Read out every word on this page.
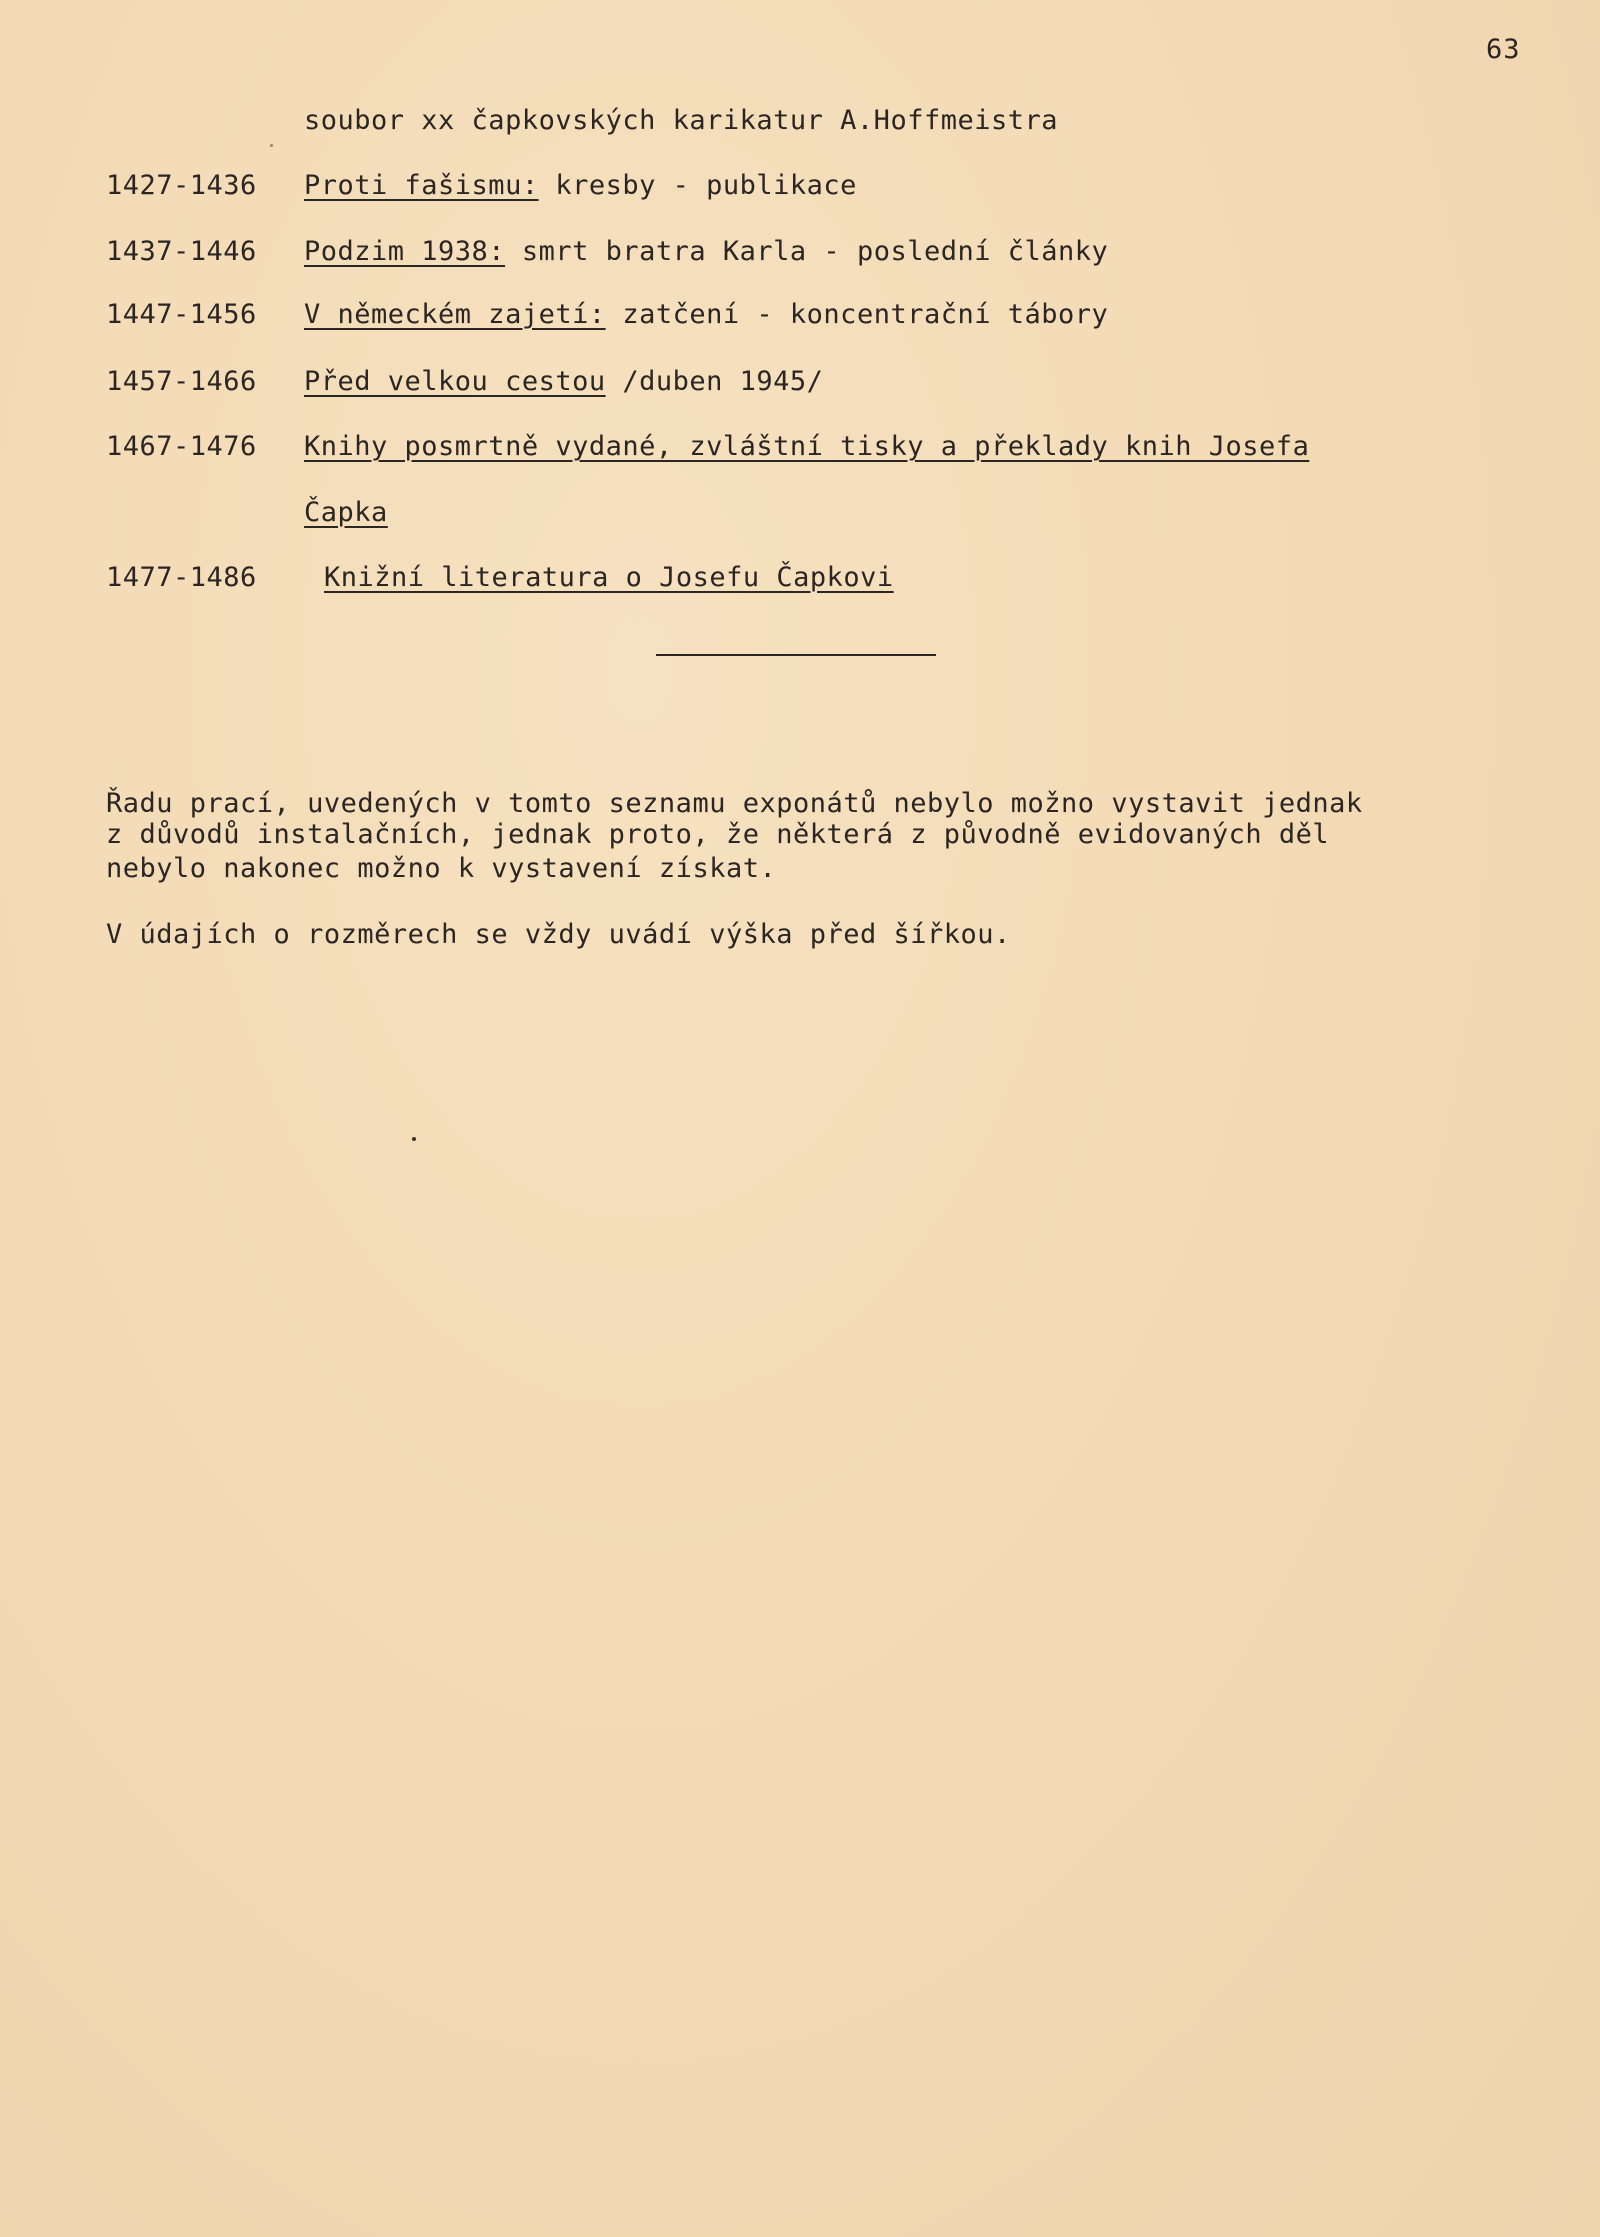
63
soubor xx čapkovských karikatur A.Hoffmeistra
1427-1436 Proti fašismu: kresby - publikace
1437-1446 Podzim 1938: smrt bratra Karla - poslední články
1447-1456 V německém zajetí: zatčení - koncentrační tábory
1457-1466 Před velkou cestou /duben 1945/
1467-1476 Knihy posmrtně vydané, zvláštní tisky a překlady knih Josefa
Čapka
1477-1486 Knižní literatura o Josefu Čapkovi
Řadu prací, uvedených v tomto seznamu exponátů nebylo možno vystavit jednak
z důvodů instalačních, jednak proto, že některá z původně evidovaných děl
nebylo nakonec možno k vystavení získat.
V údajích o rozměrech se vždy uvádí výška před šířkou.
